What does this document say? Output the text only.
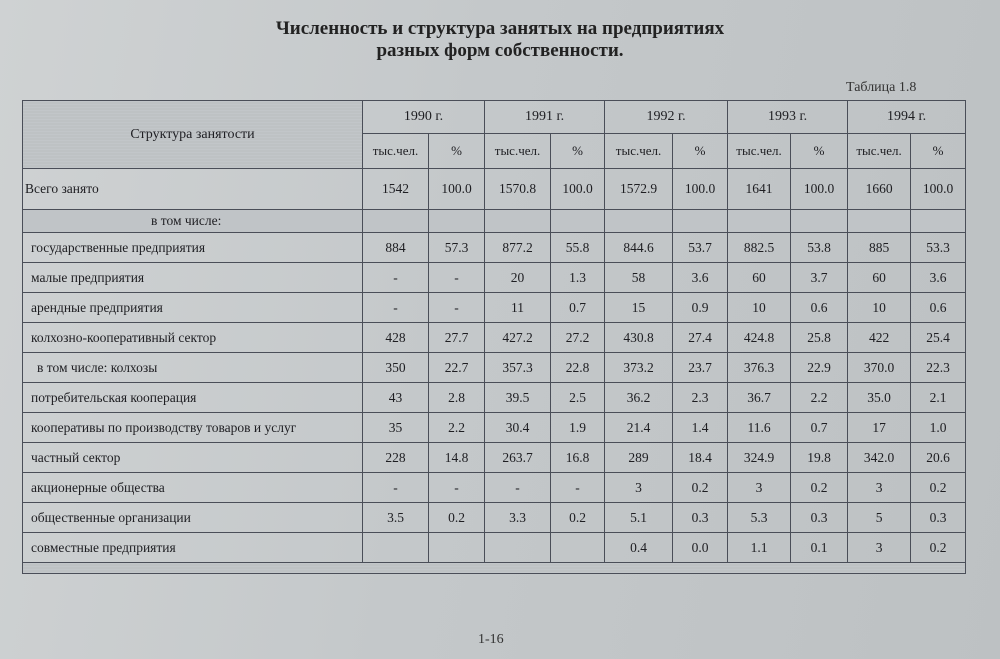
Численность и структура занятых на предприятиях
разных форм собственности.
Таблица 1.8
Структура занятости	1990 г.		1991 г.		1992 г.		1993 г.		1994 г.	
	тыс.чел.	%	тыс.чел.	%	тыс.чел.	%	тыс.чел.	%	тыс.чел.	%
Всего занято	1542	100.0	1570.8	100.0	1572.9	100.0	1641	100.0	1660	100.0
в том числе:										
государственные предприятия	884	57.3	877.2	55.8	844.6	53.7	882.5	53.8	885	53.3
малые предприятия	-	-	20	1.3	58	3.6	60	3.7	60	3.6
арендные предприятия	-	-	11	0.7	15	0.9	10	0.6	10	0.6
колхозно-кооперативный сектор	428	27.7	427.2	27.2	430.8	27.4	424.8	25.8	422	25.4
в том числе: колхозы	350	22.7	357.3	22.8	373.2	23.7	376.3	22.9	370.0	22.3
потребительская кооперация	43	2.8	39.5	2.5	36.2	2.3	36.7	2.2	35.0	2.1
кооперативы по производству товаров и услуг	35	2.2	30.4	1.9	21.4	1.4	11.6	0.7	17	1.0
частный сектор	228	14.8	263.7	16.8	289	18.4	324.9	19.8	342.0	20.6
акционерные общества	-	-	-	-	3	0.2	3	0.2	3	0.2
общественные организации	3.5	0.2	3.3	0.2	5.1	0.3	5.3	0.3	5	0.3
совместные предприятия					0.4	0.0	1.1	0.1	3	0.2

1-16
